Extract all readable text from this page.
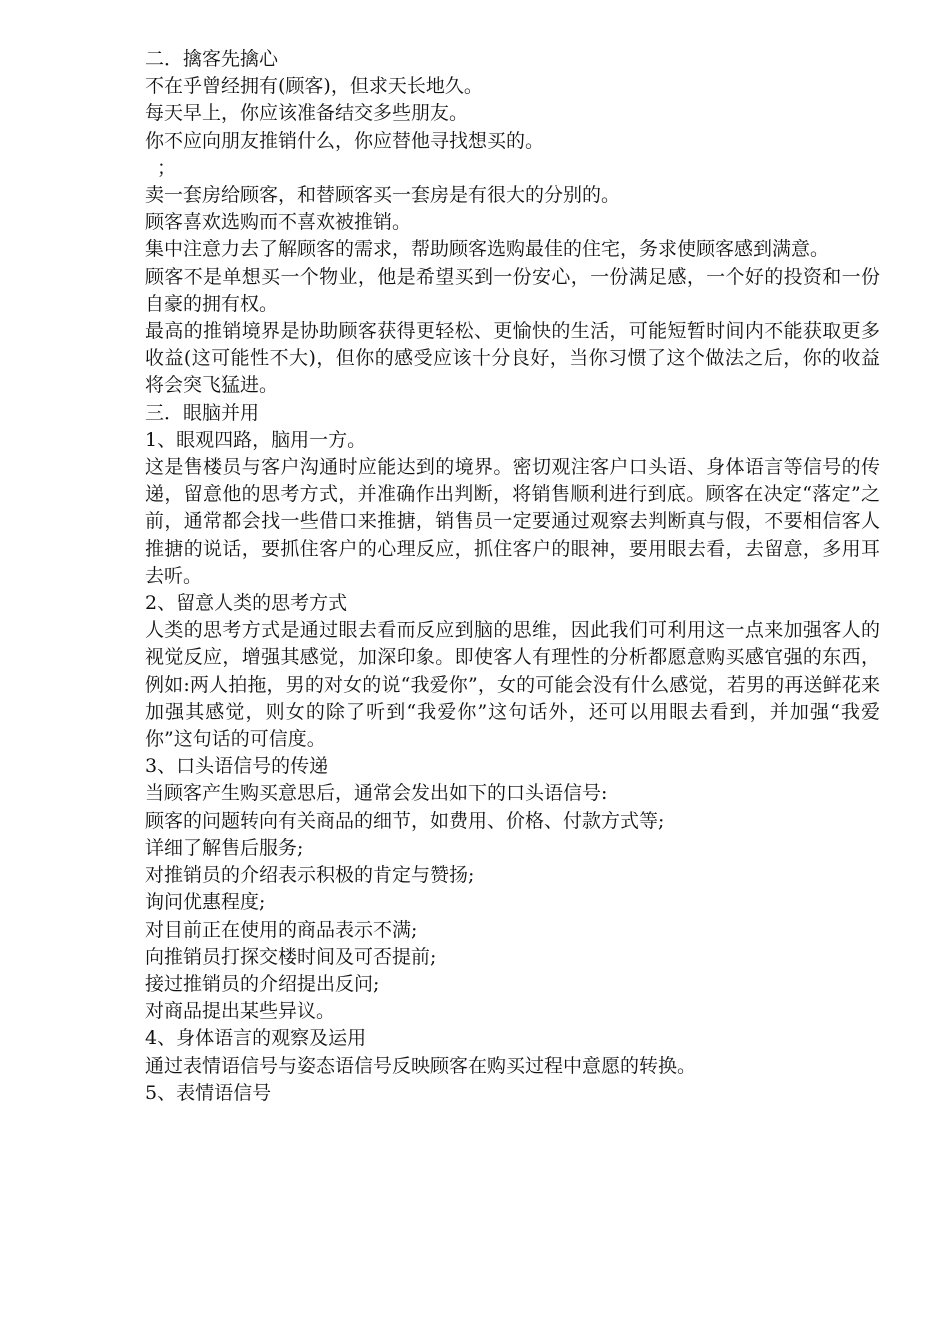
二．擒客先擒心

不在乎曾经拥有(顾客)，但求天长地久。

每天早上，你应该准备结交多些朋友。

你不应向朋友推销什么，你应替他寻找想买的。

；

卖一套房给顾客，和替顾客买一套房是有很大的分别的。

顾客喜欢选购而不喜欢被推销。

集中注意力去了解顾客的需求，帮助顾客选购最佳的住宅，务求使顾客感到满意。

顾客不是单想买一个物业，他是希望买到一份安心，一份满足感，一个好的投资和一份自豪的拥有权。

最高的推销境界是协助顾客获得更轻松、更愉快的生活，可能短暂时间内不能获取更多收益(这可能性不大)，但你的感受应该十分良好，当你习惯了这个做法之后，你的收益将会突飞猛进。

三．眼脑并用

1、眼观四路，脑用一方。

这是售楼员与客户沟通时应能达到的境界。密切观注客户口头语、身体语言等信号的传递，留意他的思考方式，并准确作出判断，将销售顺利进行到底。顾客在决定“落定”之前，通常都会找一些借口来推搪，销售员一定要通过观察去判断真与假，不要相信客人推搪的说话，要抓住客户的心理反应，抓住客户的眼神，要用眼去看，去留意，多用耳去听。

2、留意人类的思考方式

人类的思考方式是通过眼去看而反应到脑的思维，因此我们可利用这一点来加强客人的视觉反应，增强其感觉，加深印象。即使客人有理性的分析都愿意购买感官强的东西，例如:两人拍拖，男的对女的说“我爱你”，女的可能会没有什么感觉，若男的再送鲜花来加强其感觉，则女的除了听到“我爱你”这句话外，还可以用眼去看到，并加强“我爱你”这句话的可信度。

3、口头语信号的传递

当顾客产生购买意思后，通常会发出如下的口头语信号:

顾客的问题转向有关商品的细节，如费用、价格、付款方式等;

详细了解售后服务;

对推销员的介绍表示积极的肯定与赞扬;

询问优惠程度;

对目前正在使用的商品表示不满;

向推销员打探交楼时间及可否提前;

接过推销员的介绍提出反问;

对商品提出某些异议。

4、身体语言的观察及运用

通过表情语信号与姿态语信号反映顾客在购买过程中意愿的转换。

5、表情语信号
